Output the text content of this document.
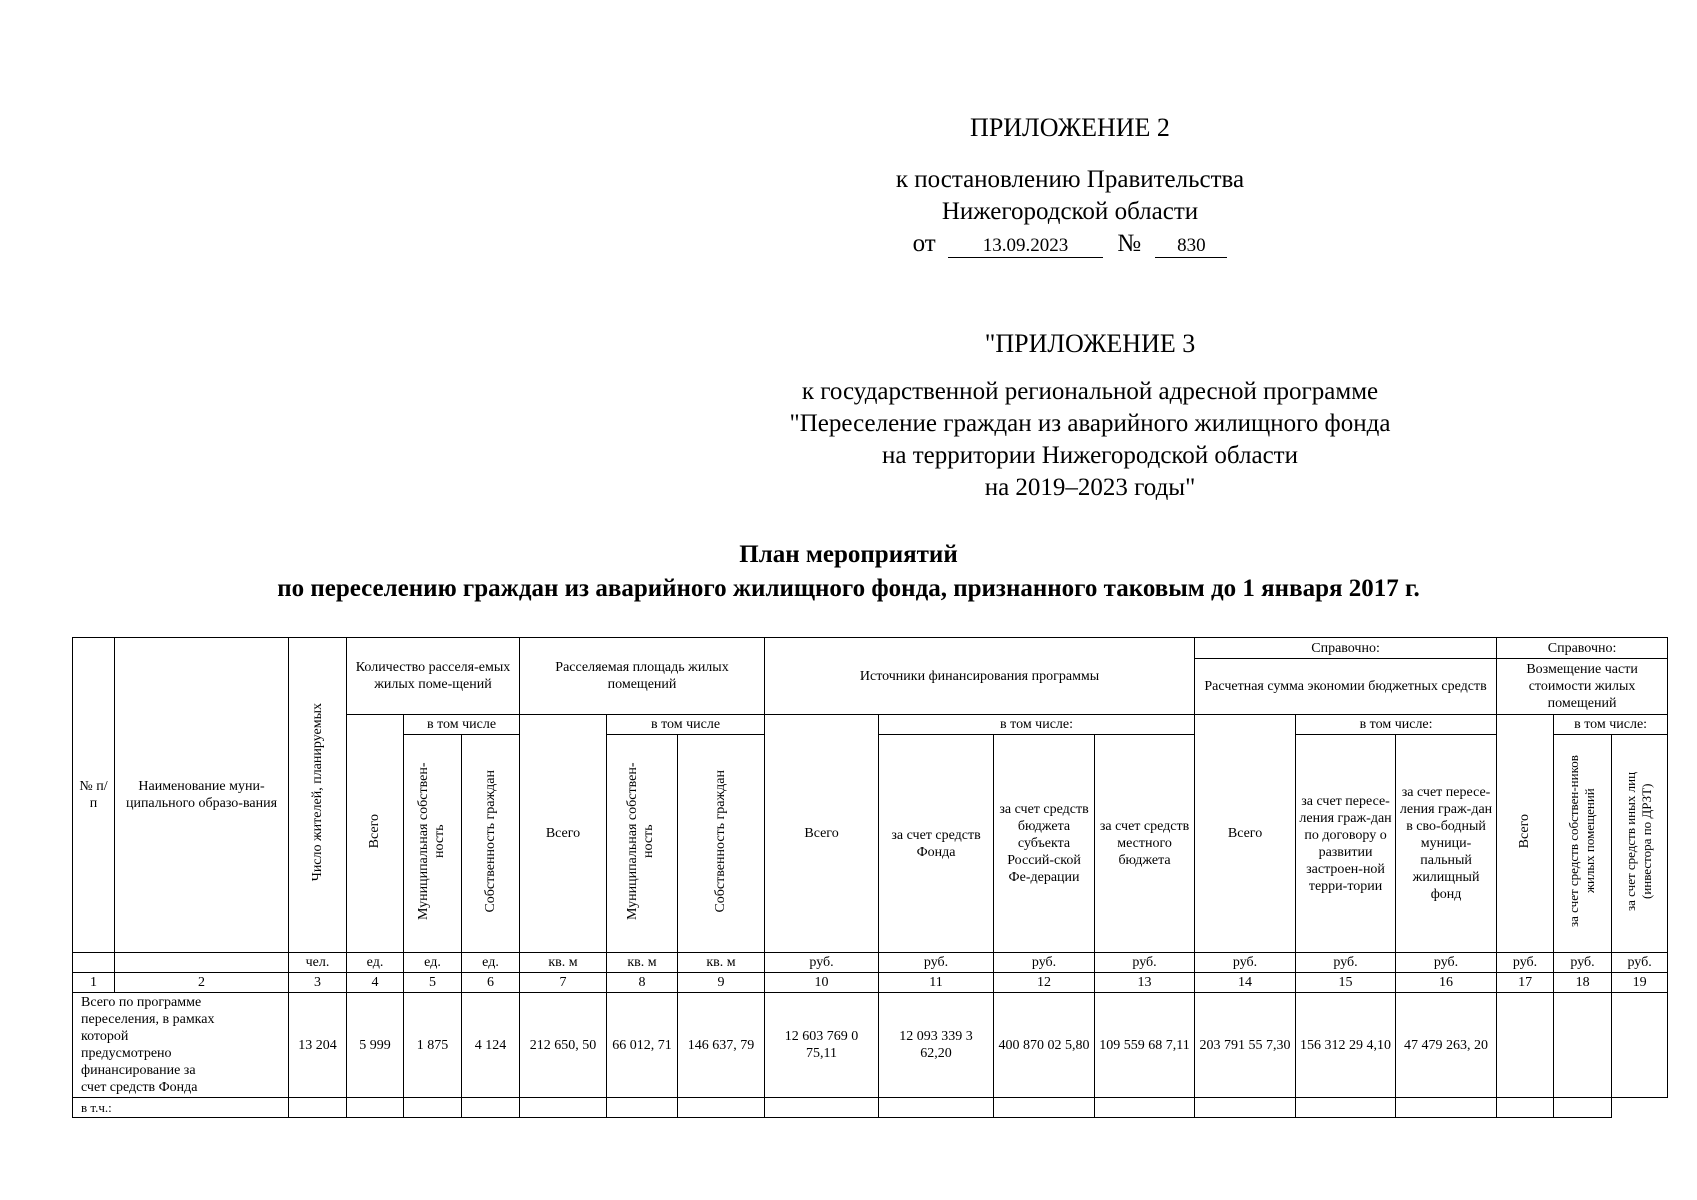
ПРИЛОЖЕНИЕ 2
к постановлению Правительства
Нижегородской области
от 13.09.2023 № 830
"ПРИЛОЖЕНИЕ 3
к государственной региональной адресной программе
"Переселение граждан из аварийного жилищного фонда
на территории Нижегородской области
на 2019–2023 годы"
План мероприятий
по переселению граждан из аварийного жилищного фонда, признанного таковым до 1 января 2017 г.
№ п/ п	Наименование муни-ципального образо-вания	Число жителей, планируемых	Количество расселя-емых жилых поме-щений			Расселяемая площадь жилых помещений			Источники финансирования программы				Справочно:			Справочно:		
													Расчетная сумма экономии бюджетных средств			Возмещение части стоимости жилых помещений		
			Всего	в том числе		Всего	в том числе		Всего	в том числе:			Всего	в том числе:		Всего	в том числе:	
				Муниципальная собствен-ность	Собственность граждан		Муниципальная собствен-ность	Собственность граждан		за счет средств Фонда	за счет средств бюджета субъекта Россий-ской Фе-дерации	за счет средств местного бюджета		за счет пересе-ления граж-дан по договору о развитии застроен-ной терри-тории	за счет пересе-ления граж-дан в сво-бодный муници-пальный жилищный фонд		за счет средств собствен-ников жилых помещений	за счет средств иных лиц (инвестора по ДРЗТ)
		чел.	ед.	ед.	ед.	кв. м	кв. м	кв. м	руб.	руб.	руб.	руб.	руб.	руб.	руб.	руб.	руб.	руб.
1	2	3	4	5	6	7	8	9	10	11	12	13	14	15	16	17	18	19
Всего по программе переселения, в рамках которой предусмотрено финансирование за счет средств Фонда		13 204	5 999	1 875	4 124	212 650, 50	66 012, 71	146 637, 79	12 603 769 0 75,11	12 093 339 3 62,20	400 870 02 5,80	109 559 68 7,11	203 791 55 7,30	156 312 29 4,10	47 479 263, 20			
в т.ч.:																		
